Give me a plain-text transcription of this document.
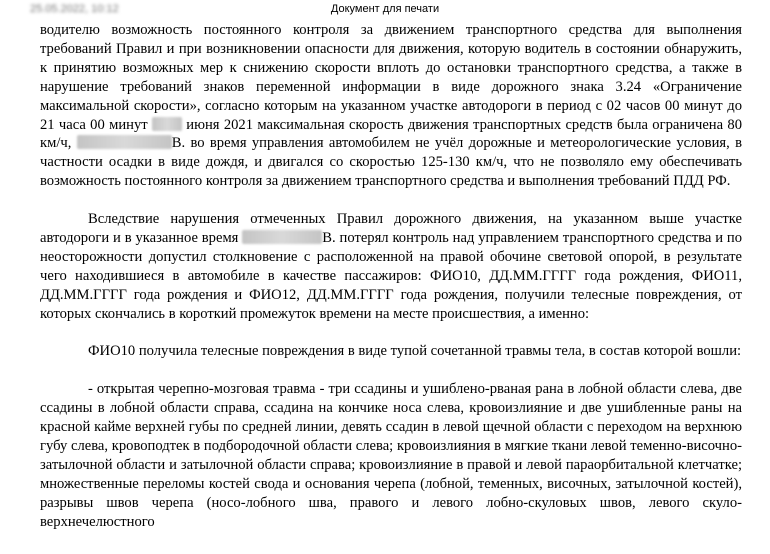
25.05.2022, 10:12	Документ для печати

водителю возможность постоянного контроля за движением транспортного средства для выполнения требований Правил и при возникновении опасности для движения, которую водитель в состоянии обнаружить, к принятию возможных мер к снижению скорости вплоть до остановки транспортного средства, а также в нарушение требований знаков переменной информации в виде дорожного знака 3.24 «Ограничение максимальной скорости», согласно которым на указанном участке автодороги в период с 02 часов 00 минут до 21 часа 00 минут	июня 2021 максимальная скорость движения транспортных средств была ограничена 80 км/ч,	В. во время управления автомобилем не учёл дорожные и метеорологические условия, в частности осадки в виде дождя, и двигался со скоростью 125-130 км/ч, что не позволяло ему обеспечивать возможность постоянного контроля за движением транспортного средства и выполнения требований ПДД РФ.

Вследствие нарушения отмеченных Правил дорожного движения, на указанном выше участке автодороги и в указанное время	В. потерял контроль над управлением транспортного средства и по неосторожности допустил столкновение с расположенной на правой обочине световой опорой, в результате чего находившиеся в автомобиле в качестве пассажиров: ФИО10, ДД.ММ.ГГГГ года рождения, ФИО11, ДД.ММ.ГГГГ года рождения и ФИО12, ДД.ММ.ГГГГ года рождения, получили телесные повреждения, от которых скончались в короткий промежуток времени на месте происшествия, а именно:

ФИО10 получила телесные повреждения в виде тупой сочетанной травмы тела, в состав которой вошли:

- открытая черепно-мозговая травма - три ссадины и ушиблено-рваная рана в лобной области слева, две ссадины в лобной области справа, ссадина на кончике носа слева, кровоизлияние и две ушибленные раны на красной кайме верхней губы по средней линии, девять ссадин в левой щечной области с переходом на верхнюю губу слева, кровоподтек в подбородочной области слева; кровоизлияния в мягкие ткани левой теменно-височно-затылочной области и затылочной области справа; кровоизлияние в правой и левой параорбитальной клетчатке; множественные переломы костей свода и основания черепа (лобной, теменных, височных, затылочной костей), разрывы швов черепа (носо-лобного шва, правого и левого лобно-скуловых швов, левого скуло-верхнечелюстного
